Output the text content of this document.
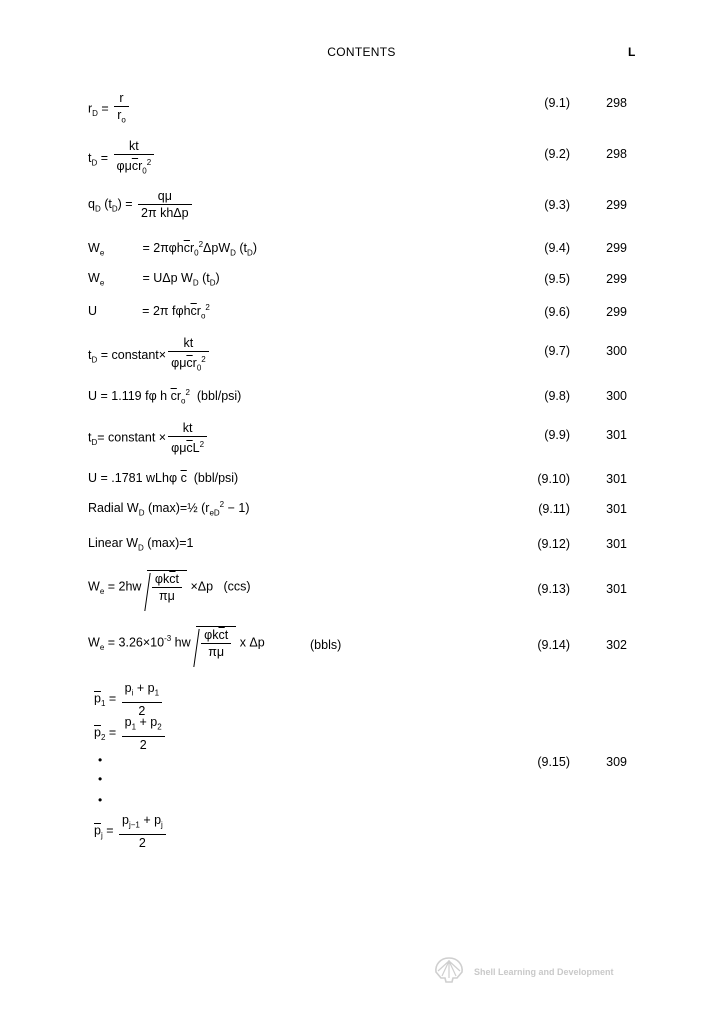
CONTENTS	L
$r_D = \frac{r}{r_o}$	(9.1)	298
$t_D = \frac{kt}{\varphi\mu\overline{c}r_0^2}$	(9.2)	298
$q_D$ $(t_D) = \frac{q\mu}{\text{2π khΔp}}$	(9.3)	299
$W_e$           = $2\pi\varphi h\overline{c}r_0^2\Delta pW_D$ $(t_D)$	(9.4)	299
$W_e$           = UΔp $W_D$ $(t_D)$	(9.5)	299
U             = 2π $f\varphi h\overline{c}r_o^2$	(9.6)	299
$t_D$ = constant× $\frac{kt}{\varphi\mu\overline{c}r_0^2}$	(9.7)	300
U = 1.119 fφ h $\overline{c}r_o^2$ (bbl/psi)	(9.8)	300
$t_D=$ constant × $\frac{kt}{\varphi\mu\overline{c}L^2}$	(9.9)	301
U = .1781 wLhφ $\overline{c}$ (bbl/psi)	(9.10)	301
Radial $W_D$ (max)=½ $(r_{eD}^2 - 1)$	(9.11)	301
Linear $W_D$ (max)=1	(9.12)	301
$W_e = 2hw \frac{\varphi k\overline{c}t}{\pi\mu} \times\Delta p$   (ccs)	(9.13)	301
$W_e = 3.26\times 10^{-3}$ hw $\frac{\varphi k\overline{c}t}{\pi\mu}$ x Δp	(bbls)	(9.14)	302
$\overline{p}_1 = \frac{p_i + p_1}{2}$
$\overline{p}_2 = \frac{p_1 + p_2}{2}$
•
•
•
$\overline{p}_j = \frac{p_{j-1} + p_j}{2}$
(9.15)	309
Shell Learning and Development
